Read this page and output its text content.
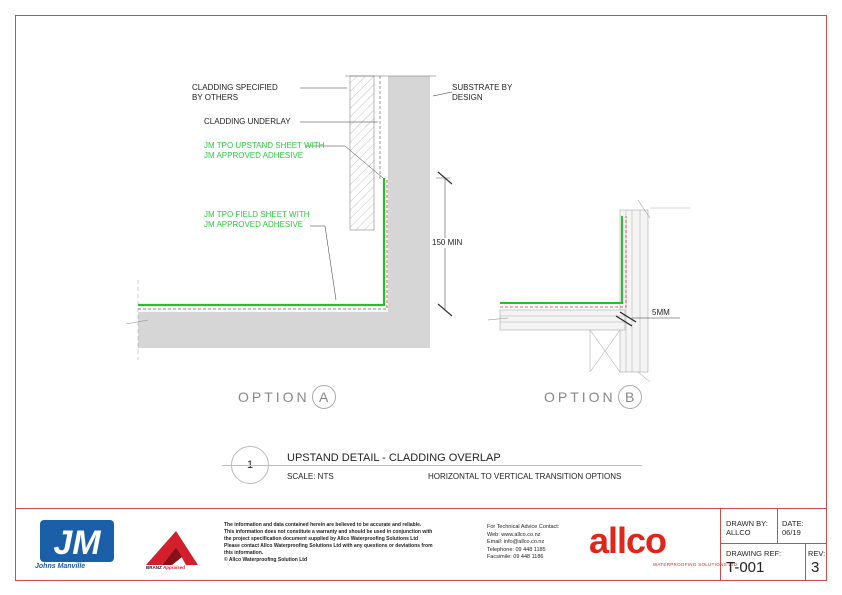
CLADDING SPECIFIED
BY OTHERS
SUBSTRATE BY
DESIGN
CLADDING UNDERLAY
JM TPO UPSTAND SHEET WITH
JM APPROVED ADHESIVE
JM TPO FIELD SHEET WITH
JM APPROVED ADHESIVE
150 MIN
5MM
OPTION A	OPTION B
UPSTAND DETAIL - CLADDING OVERLAP
SCALE: NTS	HORIZONTAL TO VERTICAL TRANSITION OPTIONS
JM
Johns Manville	BRANZ Appraised
The information and data contained herein are believed to be accurate and reliable.
This information does not constitute a warranty and should be used in conjunction with
the project specification document supplied by Allco Waterproofing Solutions Ltd
Please contact Allco Waterproofing Solutions Ltd with any questions or deviations from
this information.
© Allco Waterproofing Solution Ltd
For Technical Advice Contact:
Web: www.allco.co.nz
Email: info@allco.co.nz
Telephone: 09 448 1185
Facsimile: 09 448 1186	allco
WATERPROOFING SOLUTIONS LTD
DRAWN BY:
ALLCO
DATE:
06/19
DRAWING REF:
T-001
REV:
3
